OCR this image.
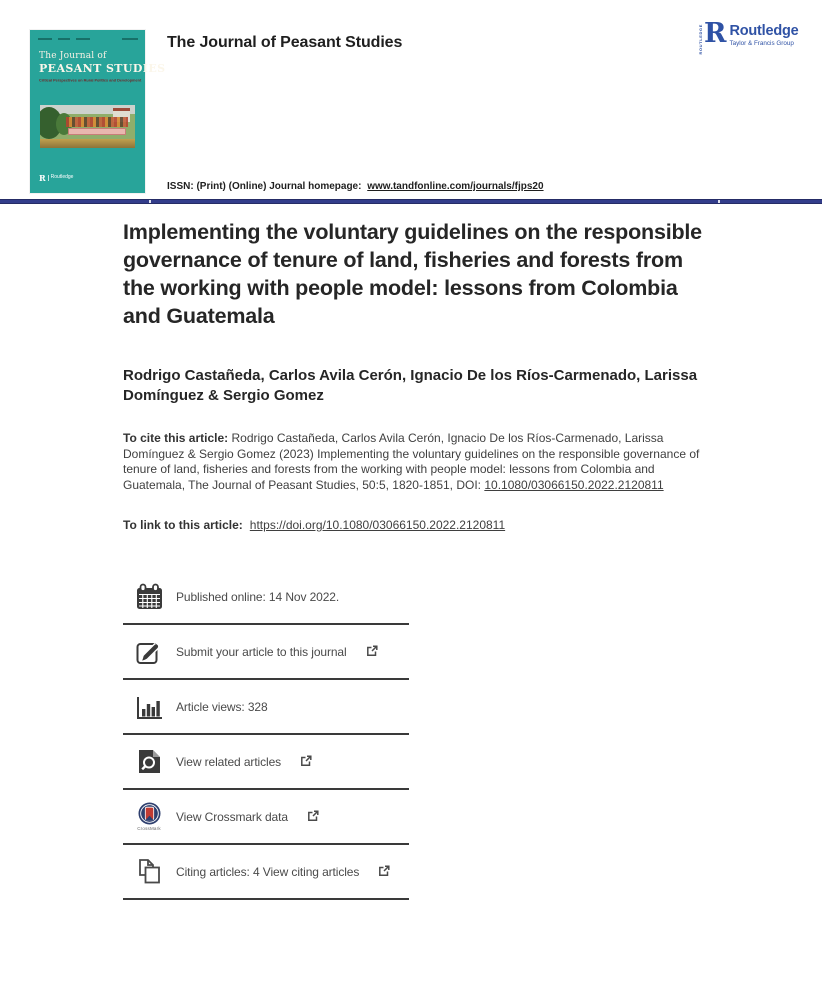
The Journal of
PEASANT STUDIES
Critical Perspectives on Rural Politics and Development
R	Routledge
The Journal of Peasant Studies	ROUTLEDGE R Routledge
Taylor & Francis Group
ISSN: (Print) (Online) Journal homepage: www.tandfonline.com/journals/fjps20
Implementing the voluntary guidelines on the responsible governance of tenure of land, fisheries and forests from the working with people model: lessons from Colombia and Guatemala
Rodrigo Castañeda, Carlos Avila Cerón, Ignacio De los Ríos-Carmenado, Larissa Domínguez & Sergio Gomez

To cite this article: Rodrigo Castañeda, Carlos Avila Cerón, Ignacio De los Ríos-Carmenado, Larissa Domínguez & Sergio Gomez (2023) Implementing the voluntary guidelines on the responsible governance of tenure of land, fisheries and forests from the working with people model: lessons from Colombia and Guatemala, The Journal of Peasant Studies, 50:5, 1820-1851, DOI: 10.1080/03066150.2022.2120811

To link to this article: https://doi.org/10.1080/03066150.2022.2120811

Published online: 14 Nov 2022.
Submit your article to this journal
Article views: 328
View related articles
CrossMark
View Crossmark data
Citing articles: 4 View citing articles
